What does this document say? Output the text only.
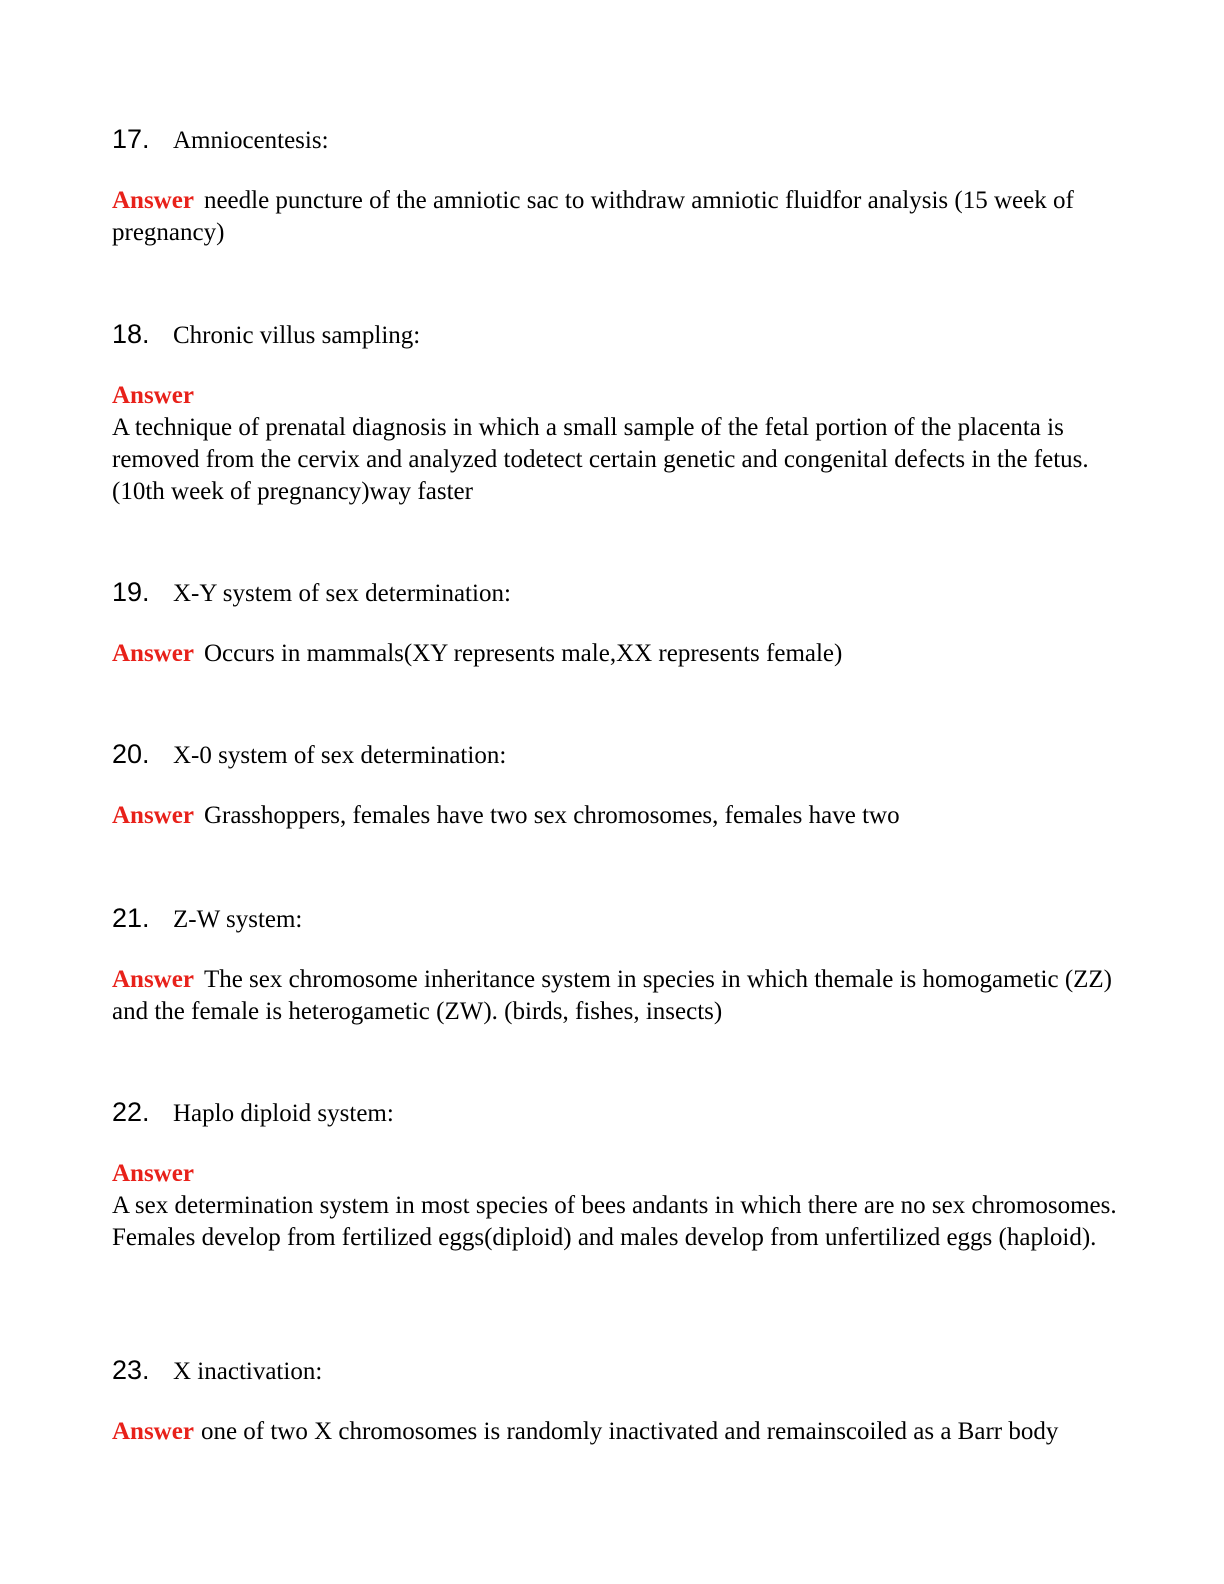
17. Amniocentesis:
Answer needle puncture of the amniotic sac to withdraw amniotic fluidfor analysis (15 week of pregnancy)
18. Chronic villus sampling:
Answer
A technique of prenatal diagnosis in which a small sample of the fetal portion of the placenta is removed from the cervix and analyzed todetect certain genetic and congenital defects in the fetus. (10th week of pregnancy)way faster
19. X-Y system of sex determination:
Answer Occurs in mammals(XY represents male,XX represents female)
20. X-0 system of sex determination:
Answer Grasshoppers, females have two sex chromosomes, females have two
21. Z-W system:
Answer The sex chromosome inheritance system in species in which themale is homogametic (ZZ) and the female is heterogametic (ZW). (birds, fishes, insects)
22. Haplo diploid system:
Answer
A sex determination system in most species of bees andants in which there are no sex chromosomes. Females develop from fertilized eggs(diploid) and males develop from unfertilized eggs (haploid).
23. X inactivation:
Answer one of two X chromosomes is randomly inactivated and remainscoiled as a Barr body
